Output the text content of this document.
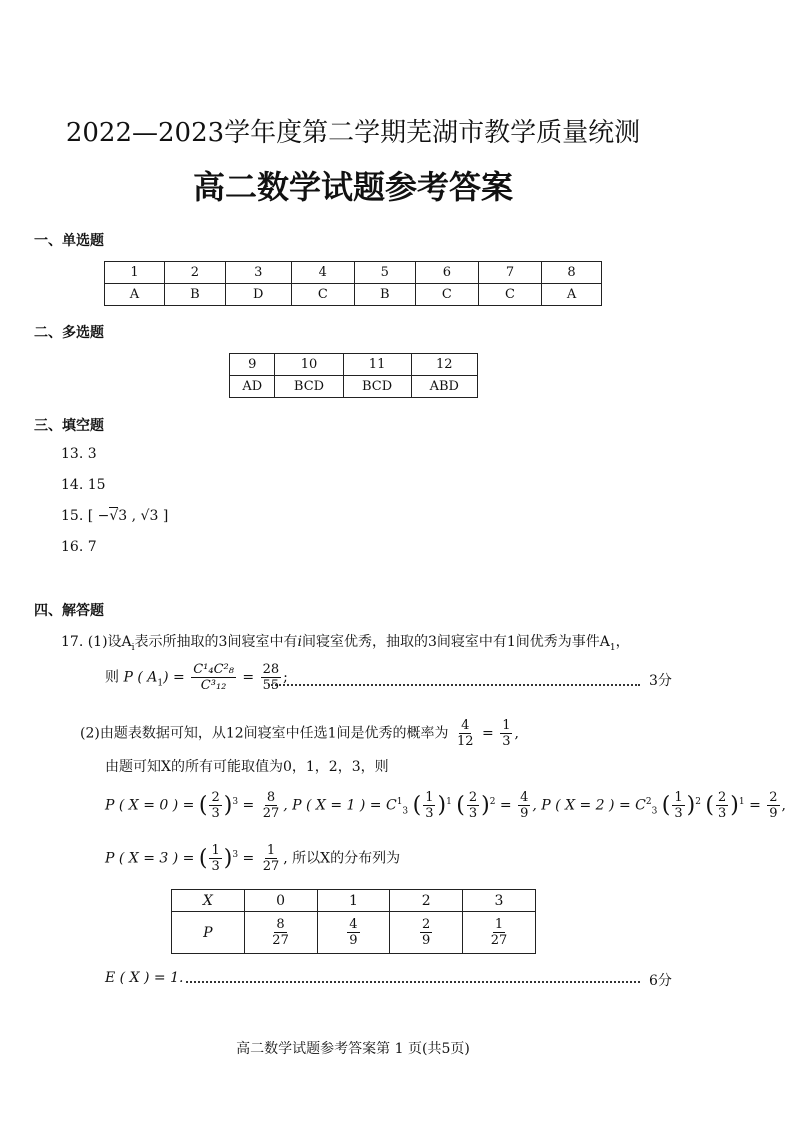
2022—2023学年度第二学期芜湖市教学质量统测
高二数学试题参考答案
一、单选题
1	2	3	4	5	6	7	8
A	B	D	C	B	C	C	A
二、多选题
9	10	11	12
AD	BCD	BCD	ABD
三、填空题
13. 3
14. 15
15. [ −√3 , √3 ]
16. 7
四、解答题
17. (1)设$A_i$表示所抽取的3间寝室中有i间寝室优秀，抽取的3间寝室中有1间优秀为事件$A_1$，
则 P ( $A_1) = \frac{\text{C¹₄C²₈}}{\text{C³₁₂}} = \frac{28}{55}$ ;	3分
(2)由题表数据可知，从12间寝室中任选1间是优秀的概率为 $\frac{4}{12} = \frac{1}{3}$ ,
由题可知X的所有可能取值为0，1，2，3，则
P ( X = 0 ) = ( $\frac{2}{3} )^3 = \frac{8}{27}$ , P ( X = 1 ) = $C^1_3$ ( $\frac{1}{3} )^1$ ( $\frac{2}{3} )^2 = \frac{4}{9}$ , P ( X = 2 ) = $C^2_3$ ( $\frac{1}{3} )^2$ ( $\frac{2}{3} )^1 = \frac{2}{9}$ ,
P ( X = 3 ) = ( $\frac{1}{3} )^3 = \frac{1}{27}$ , 所以X的分布列为
X	0	1	2	3
P	$\frac{8}{27}$	$\frac{4}{9}$	$\frac{2}{9}$	$\frac{1}{27}$
E ( X ) = 1.	6分
高二数学试题参考答案第 1 页(共5页)
